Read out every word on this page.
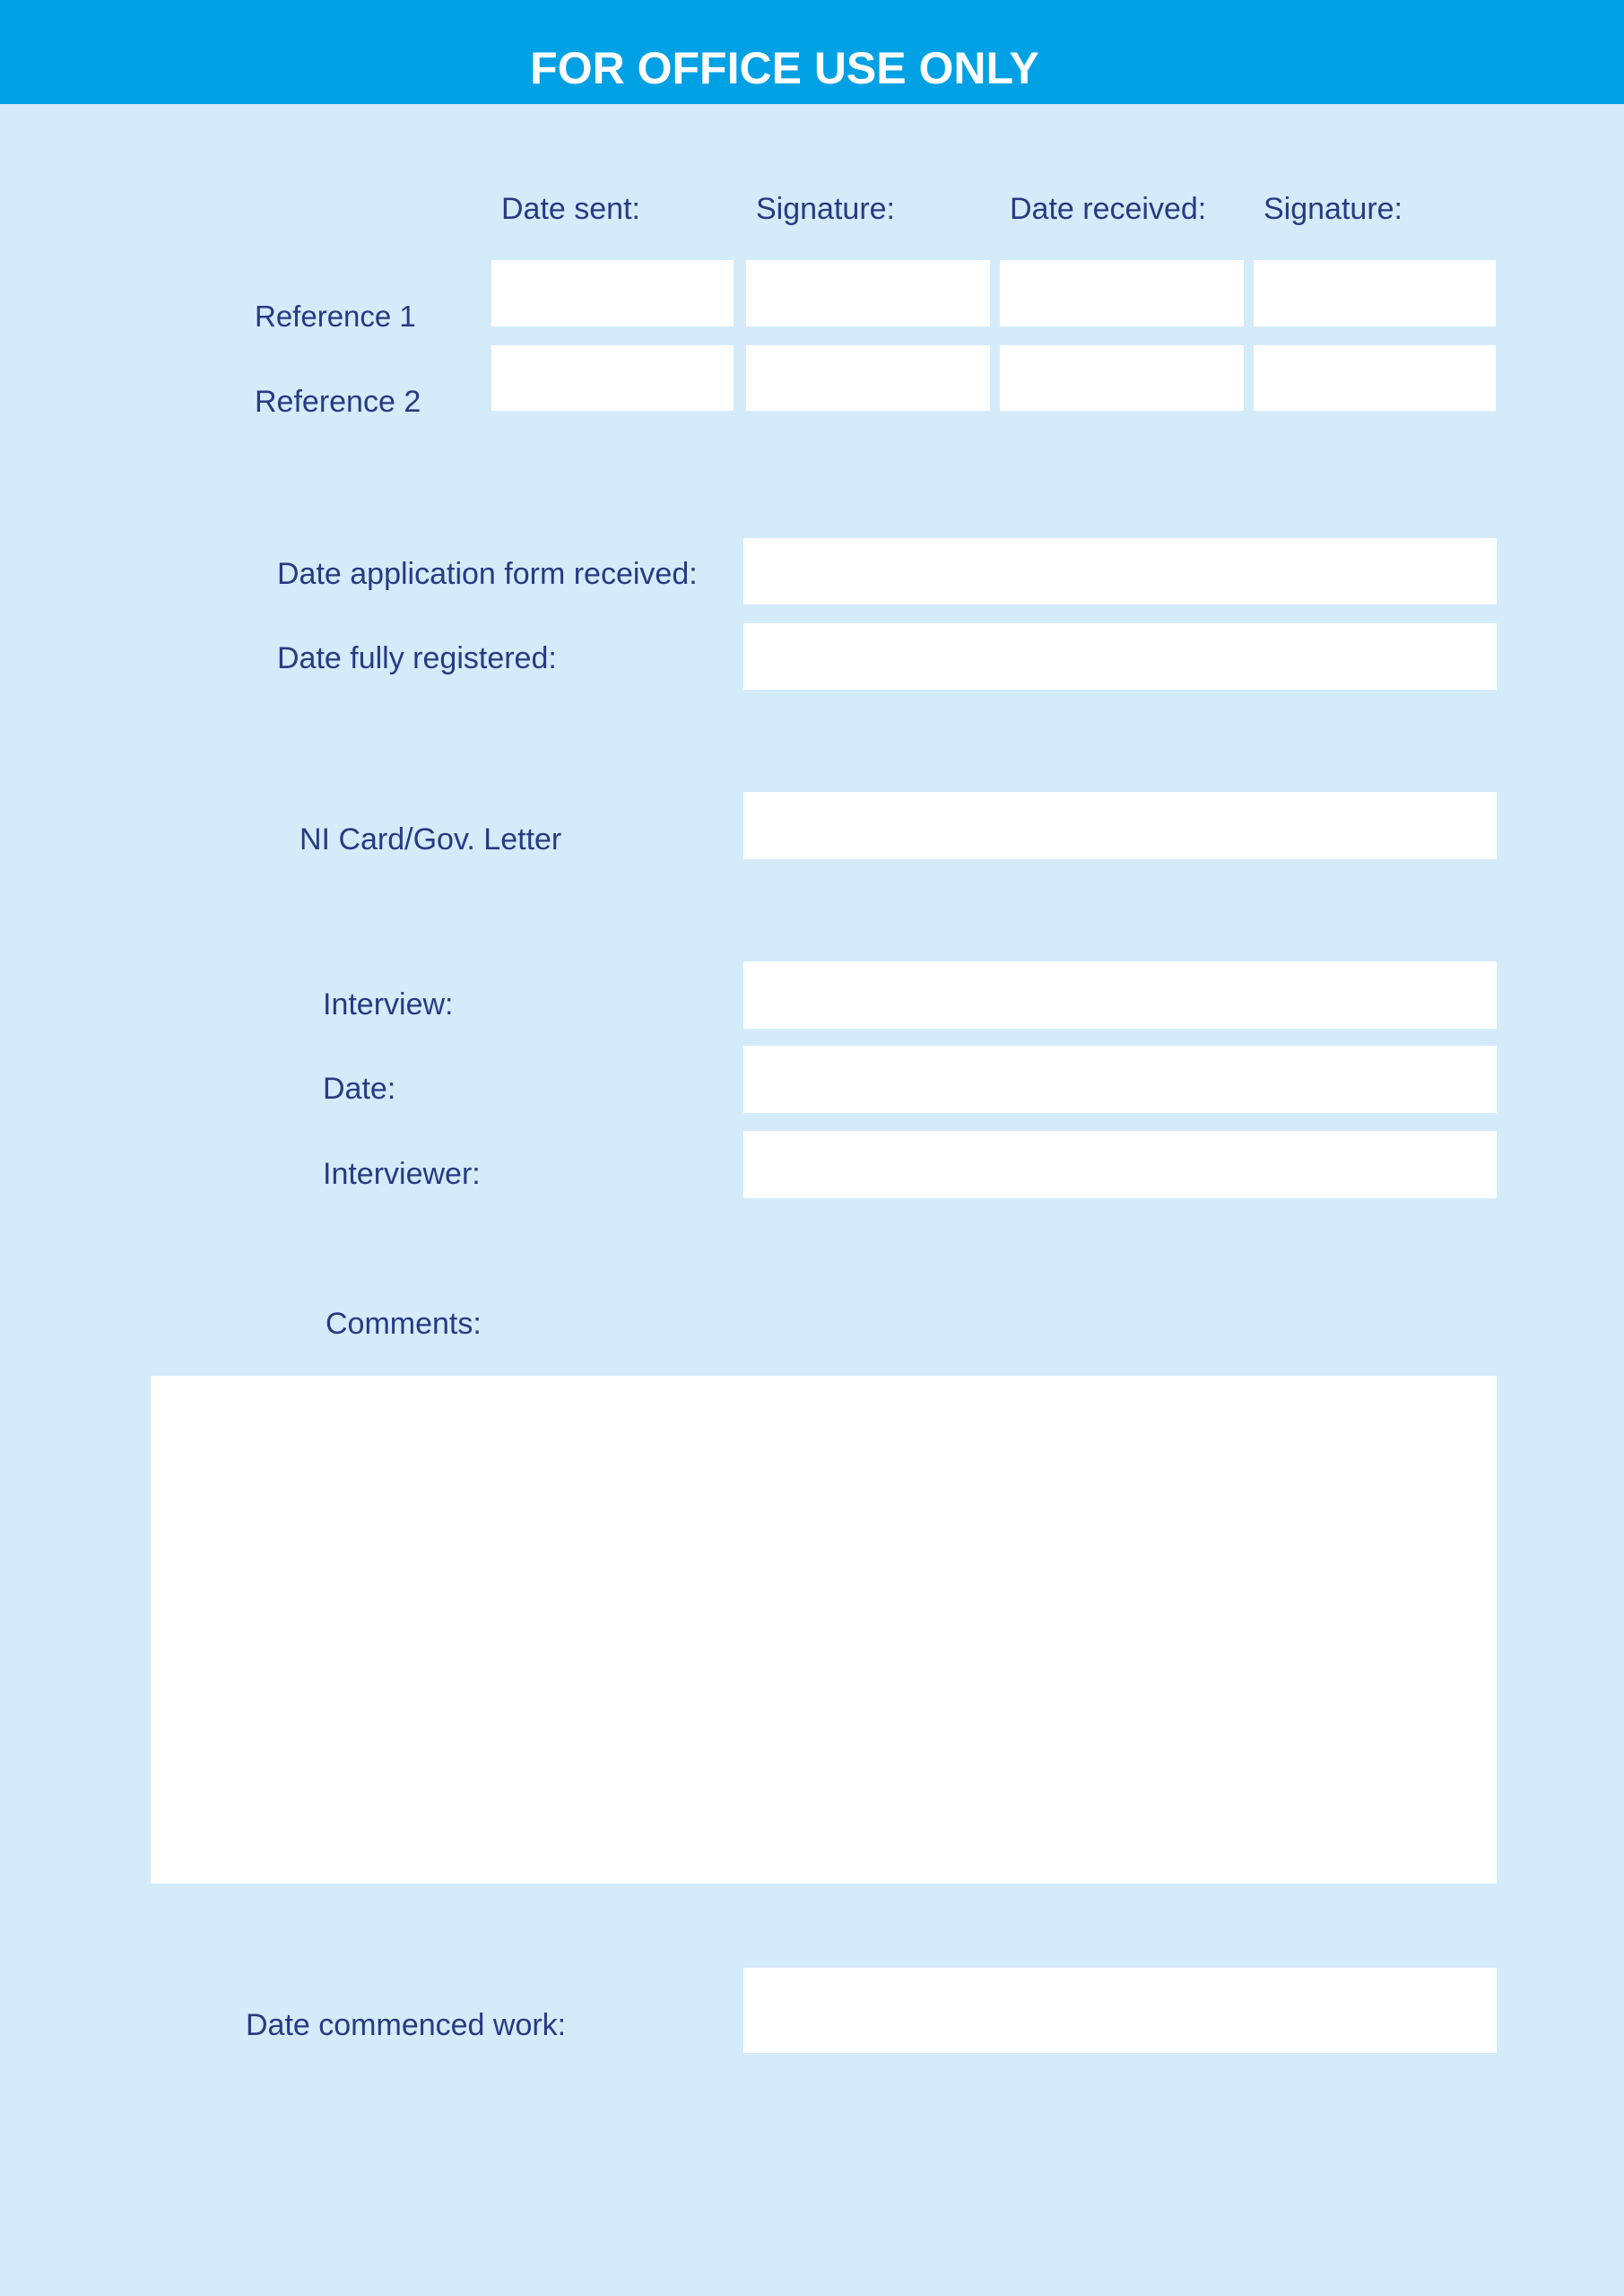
FOR OFFICE USE ONLY
Date sent:	Signature:	Date received: Signature:
Reference 1
Reference 2
Date application form received:
Date fully registered:
NI Card/Gov. Letter
Interview:
Date:
Interviewer:
Comments:
Date commenced work:
